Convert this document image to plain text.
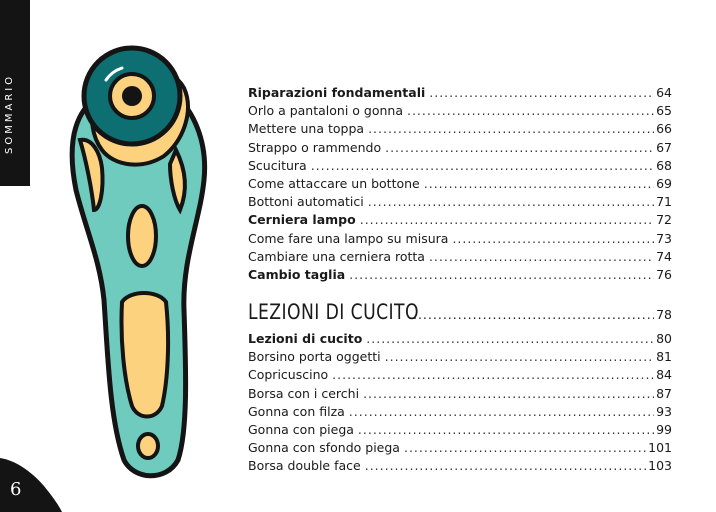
SOMMARIO
6
Riparazioni fondamentali .....	64
Orlo a pantaloni o gonna .....	65
Mettere una toppa .....	66
Strappo o rammendo .....	67
Scucitura .....	68
Come attaccare un bottone .....	69
Bottoni automatici .....	71
Cerniera lampo .....	72
Come fare una lampo su misura .....	73
Cambiare una cerniera rotta .....	74
Cambio taglia .....	76
LEZIONI DI CUCITO .....	78
Lezioni di cucito .....	80
Borsino porta oggetti .....	81
Copricuscino .....	84
Borsa con i cerchi .....	87
Gonna con filza .....	93
Gonna con piega .....	99
Gonna con sfondo piega .....	101
Borsa double face .....	103
